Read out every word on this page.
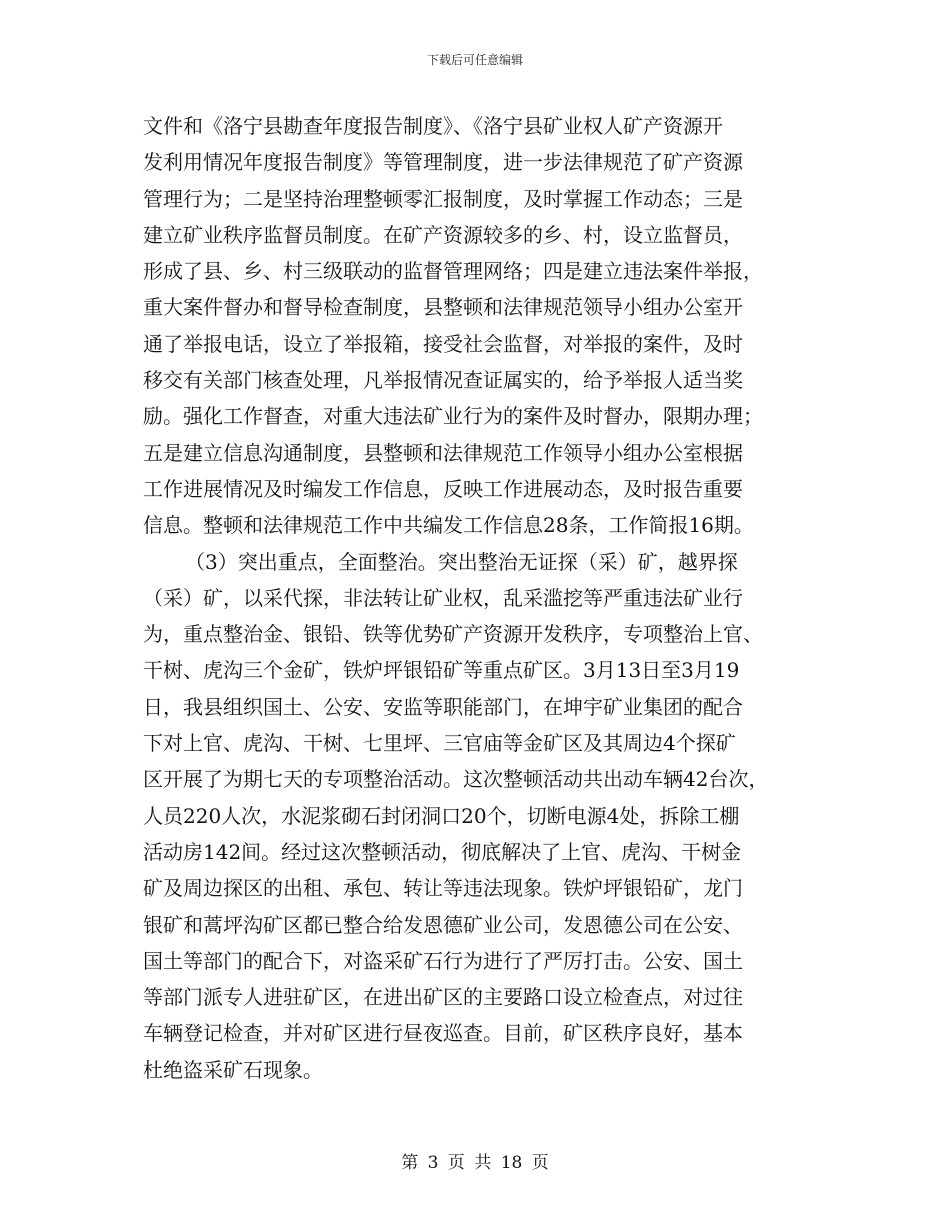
下载后可任意编辑
文件和《洛宁县勘查年度报告制度》、《洛宁县矿业权人矿产资源开
发利用情况年度报告制度》等管理制度，进一步法律规范了矿产资源
管理行为；二是坚持治理整顿零汇报制度，及时掌握工作动态；三是
建立矿业秩序监督员制度。在矿产资源较多的乡、村，设立监督员，
形成了县、乡、村三级联动的监督管理网络；四是建立违法案件举报，
重大案件督办和督导检查制度，县整顿和法律规范领导小组办公室开
通了举报电话，设立了举报箱，接受社会监督，对举报的案件，及时
移交有关部门核查处理，凡举报情况查证属实的，给予举报人适当奖
励。强化工作督查，对重大违法矿业行为的案件及时督办，限期办理；
五是建立信息沟通制度，县整顿和法律规范工作领导小组办公室根据
工作进展情况及时编发工作信息，反映工作进展动态，及时报告重要
信息。整顿和法律规范工作中共编发工作信息28条，工作简报16期。
（3）突出重点，全面整治。突出整治无证探（采）矿，越界探
（采）矿，以采代探，非法转让矿业权，乱采滥挖等严重违法矿业行
为，重点整治金、银铅、铁等优势矿产资源开发秩序，专项整治上官、
干树、虎沟三个金矿，铁炉坪银铅矿等重点矿区。3月13日至3月19
日，我县组织国土、公安、安监等职能部门，在坤宇矿业集团的配合
下对上官、虎沟、干树、七里坪、三官庙等金矿区及其周边4个探矿
区开展了为期七天的专项整治活动。这次整顿活动共出动车辆42台次，
人员220人次，水泥浆砌石封闭洞口20个，切断电源4处，拆除工棚
活动房142间。经过这次整顿活动，彻底解决了上官、虎沟、干树金
矿及周边探区的出租、承包、转让等违法现象。铁炉坪银铅矿，龙门
银矿和蒿坪沟矿区都已整合给发恩德矿业公司，发恩德公司在公安、
国土等部门的配合下，对盗采矿石行为进行了严厉打击。公安、国土
等部门派专人进驻矿区，在进出矿区的主要路口设立检查点，对过往
车辆登记检查，并对矿区进行昼夜巡查。目前，矿区秩序良好，基本
杜绝盗采矿石现象。
第 3 页 共 18 页
